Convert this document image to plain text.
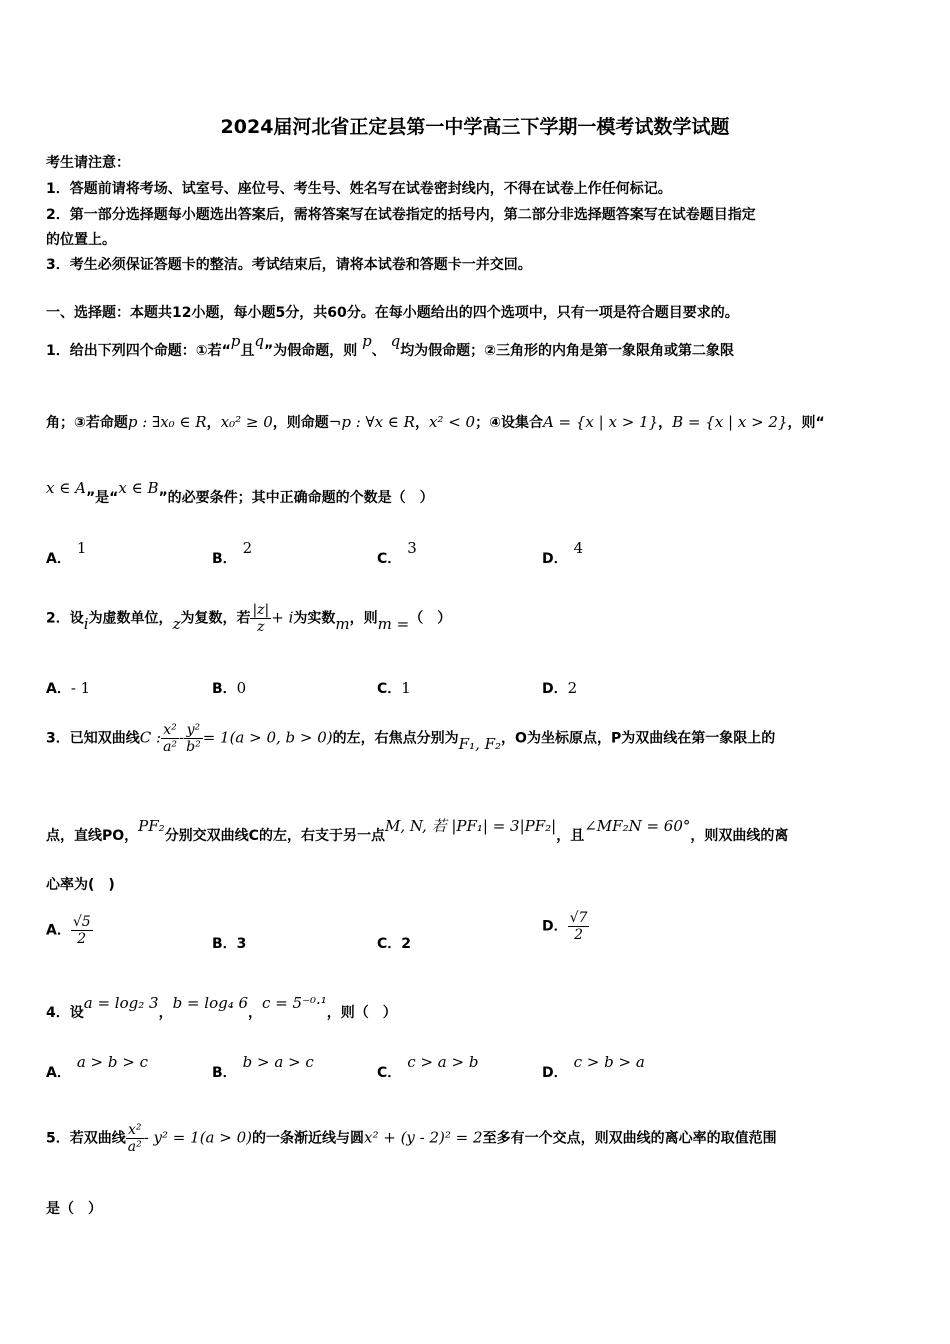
2024届河北省正定县第一中学高三下学期一模考试数学试题
考生请注意：
1．答题前请将考场、试室号、座位号、考生号、姓名写在试卷密封线内，不得在试卷上作任何标记。
2．第一部分选择题每小题选出答案后，需将答案写在试卷指定的括号内，第二部分非选择题答案写在试卷题目指定
的位置上。
3．考生必须保证答题卡的整洁。考试结束后，请将本试卷和答题卡一并交回。
一、选择题：本题共12小题，每小题5分，共60分。在每小题给出的四个选项中，只有一项是符合题目要求的。
1．给出下列四个命题：①若“p且q”为假命题，则 p、 q均为假命题；②三角形的内角是第一象限角或第二象限
角；③若命题p : ∃x₀ ∈ R，x₀² ≥ 0，则命题¬p : ∀x ∈ R，x² < 0；④设集合A = {x | x > 1}，B = {x | x > 2}，则“
x ∈ A”是“x ∈ B”的必要条件；其中正确命题的个数是（　）
A．1
B．2
C．3
D．4
2．设i为虚数单位，z为复数，若 $\frac{|z|}{z} + i$为实数m，则m =（　）
A．- 1	B．0	C．1	D．2
3．已知双曲线C : $\frac{\text{x²}}{\text{a²}} - \frac{\text{y²}}{\text{b²}} = 1(a > 0$, b > 0)的左，右焦点分别为F₁, F₂，O为坐标原点，P为双曲线在第一象限上的
点，直线PO，PF₂分别交双曲线C的左，右支于另一点M, N, 若 |PF₁| = 3|PF₂|，且∠MF₂N = 60°，则双曲线的离
心率为(　)
A． $\frac{√5}{2}$	B．3	C．2
D． $\frac{√7}{2}$
4．设a = log₂ 3，b = log₄ 6，c = 5⁻⁰·¹，则（　）
A．a > b > c
B．b > a > c
C．c > a > b
D．c > b > a
5．若双曲线 $\frac{\text{x²}}{\text{a²}} - y^2 = 1(a > 0)$的一条渐近线与圆x² + (y - 2)² = 2至多有一个交点，则双曲线的离心率的取值范围
是（　）
